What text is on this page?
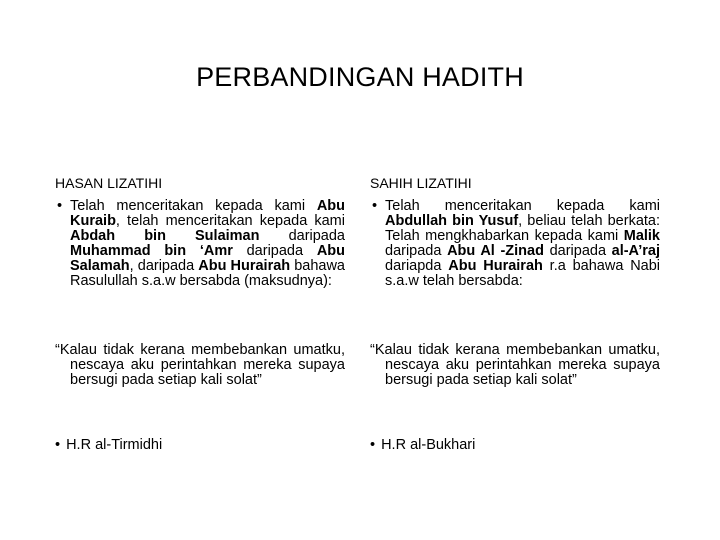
PERBANDINGAN HADITH
HASAN LIZATIHI
• Telah menceritakan kepada kami Abu Kuraib, telah menceritakan kepada kami Abdah bin Sulaiman daripada Muhammad bin ‘Amr daripada Abu Salamah, daripada Abu Hurairah bahawa Rasulullah s.a.w bersabda (maksudnya):
SAHIH LIZATIHI
• Telah menceritakan kepada kami Abdullah bin Yusuf, beliau telah berkata: Telah mengkhabarkan kepada kami Malik daripada Abu Al -Zinad daripada al-A’raj dariapda Abu Hurairah r.a bahawa Nabi s.a.w telah bersabda:
“Kalau tidak kerana membebankan umatku, nescaya aku perintahkan mereka supaya bersugi pada setiap kali solat”
“Kalau tidak kerana membebankan umatku, nescaya aku perintahkan mereka supaya bersugi pada setiap kali solat”
• H.R al-Tirmidhi	• H.R al-Bukhari
